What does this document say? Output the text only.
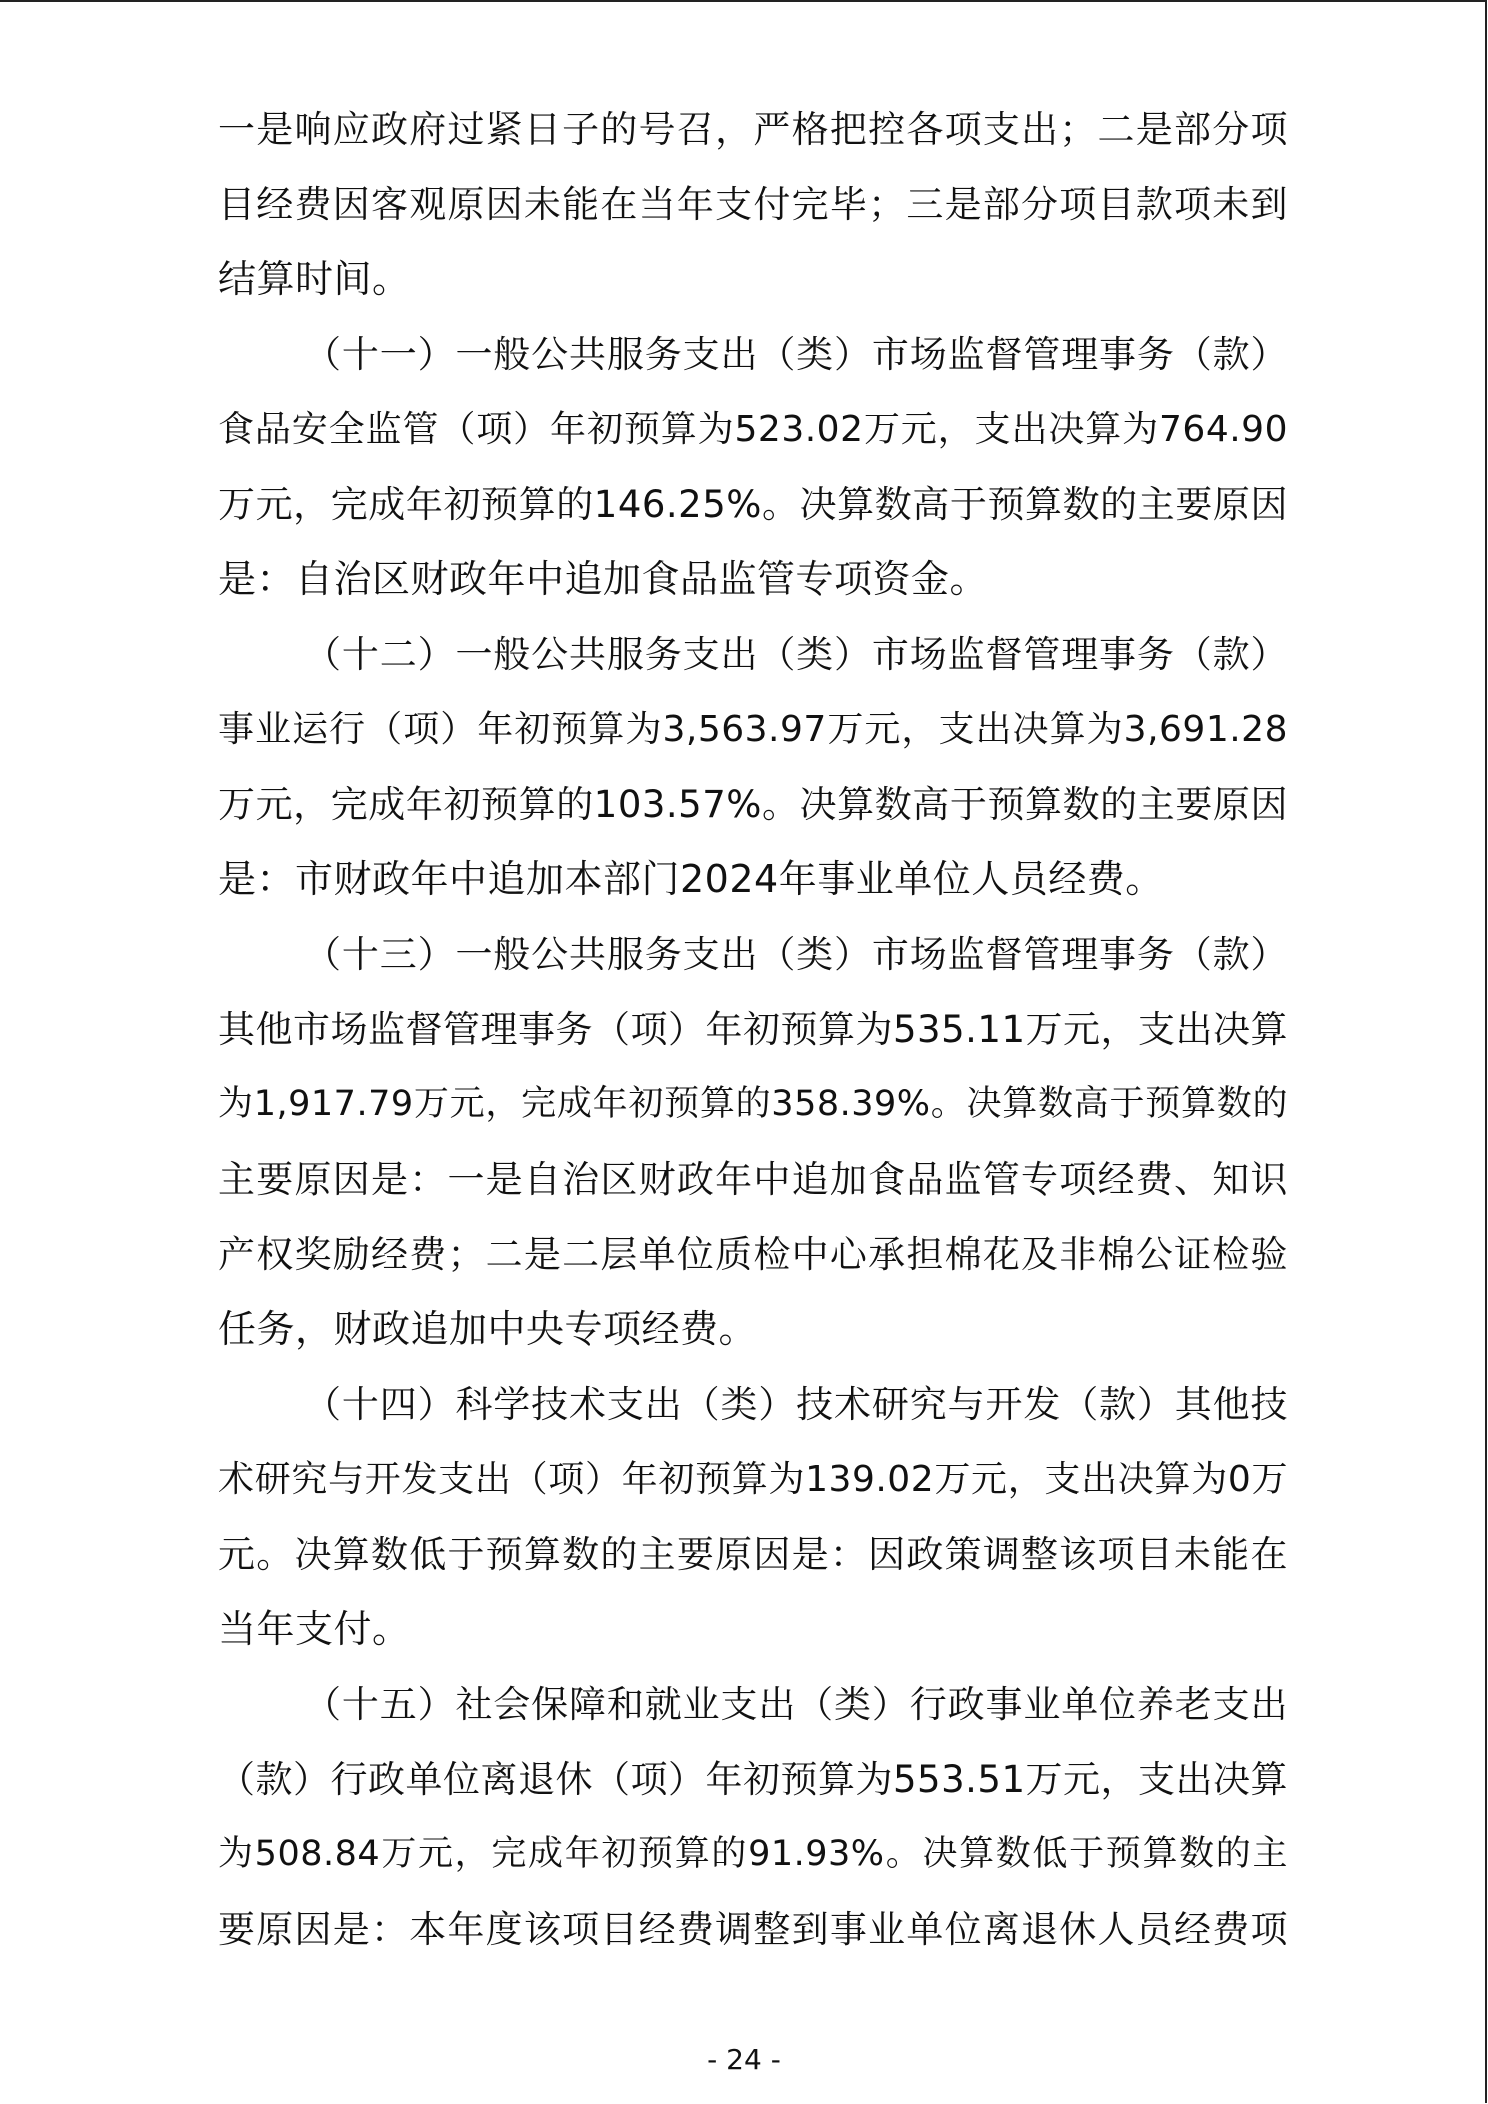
一是响应政府过紧日子的号召，严格把控各项支出；二是部分项
目经费因客观原因未能在当年支付完毕；三是部分项目款项未到
结算时间。
（十一）一般公共服务支出（类）市场监督管理事务（款）
食品安全监管（项）年初预算为523.02万元，支出决算为764.90
万元，完成年初预算的146.25%。决算数高于预算数的主要原因
是：自治区财政年中追加食品监管专项资金。
（十二）一般公共服务支出（类）市场监督管理事务（款）
事业运行（项）年初预算为3,563.97万元，支出决算为3,691.28
万元，完成年初预算的103.57%。决算数高于预算数的主要原因
是：市财政年中追加本部门2024年事业单位人员经费。
（十三）一般公共服务支出（类）市场监督管理事务（款）
其他市场监督管理事务（项）年初预算为535.11万元，支出决算
为1,917.79万元，完成年初预算的358.39%。决算数高于预算数的
主要原因是：一是自治区财政年中追加食品监管专项经费、知识
产权奖励经费；二是二层单位质检中心承担棉花及非棉公证检验
任务，财政追加中央专项经费。
（十四）科学技术支出（类）技术研究与开发（款）其他技
术研究与开发支出（项）年初预算为139.02万元，支出决算为0万
元。决算数低于预算数的主要原因是：因政策调整该项目未能在
当年支付。
（十五）社会保障和就业支出（类）行政事业单位养老支出
（款）行政单位离退休（项）年初预算为553.51万元，支出决算
为508.84万元，完成年初预算的91.93%。决算数低于预算数的主
要原因是：本年度该项目经费调整到事业单位离退休人员经费项
- 24 -
